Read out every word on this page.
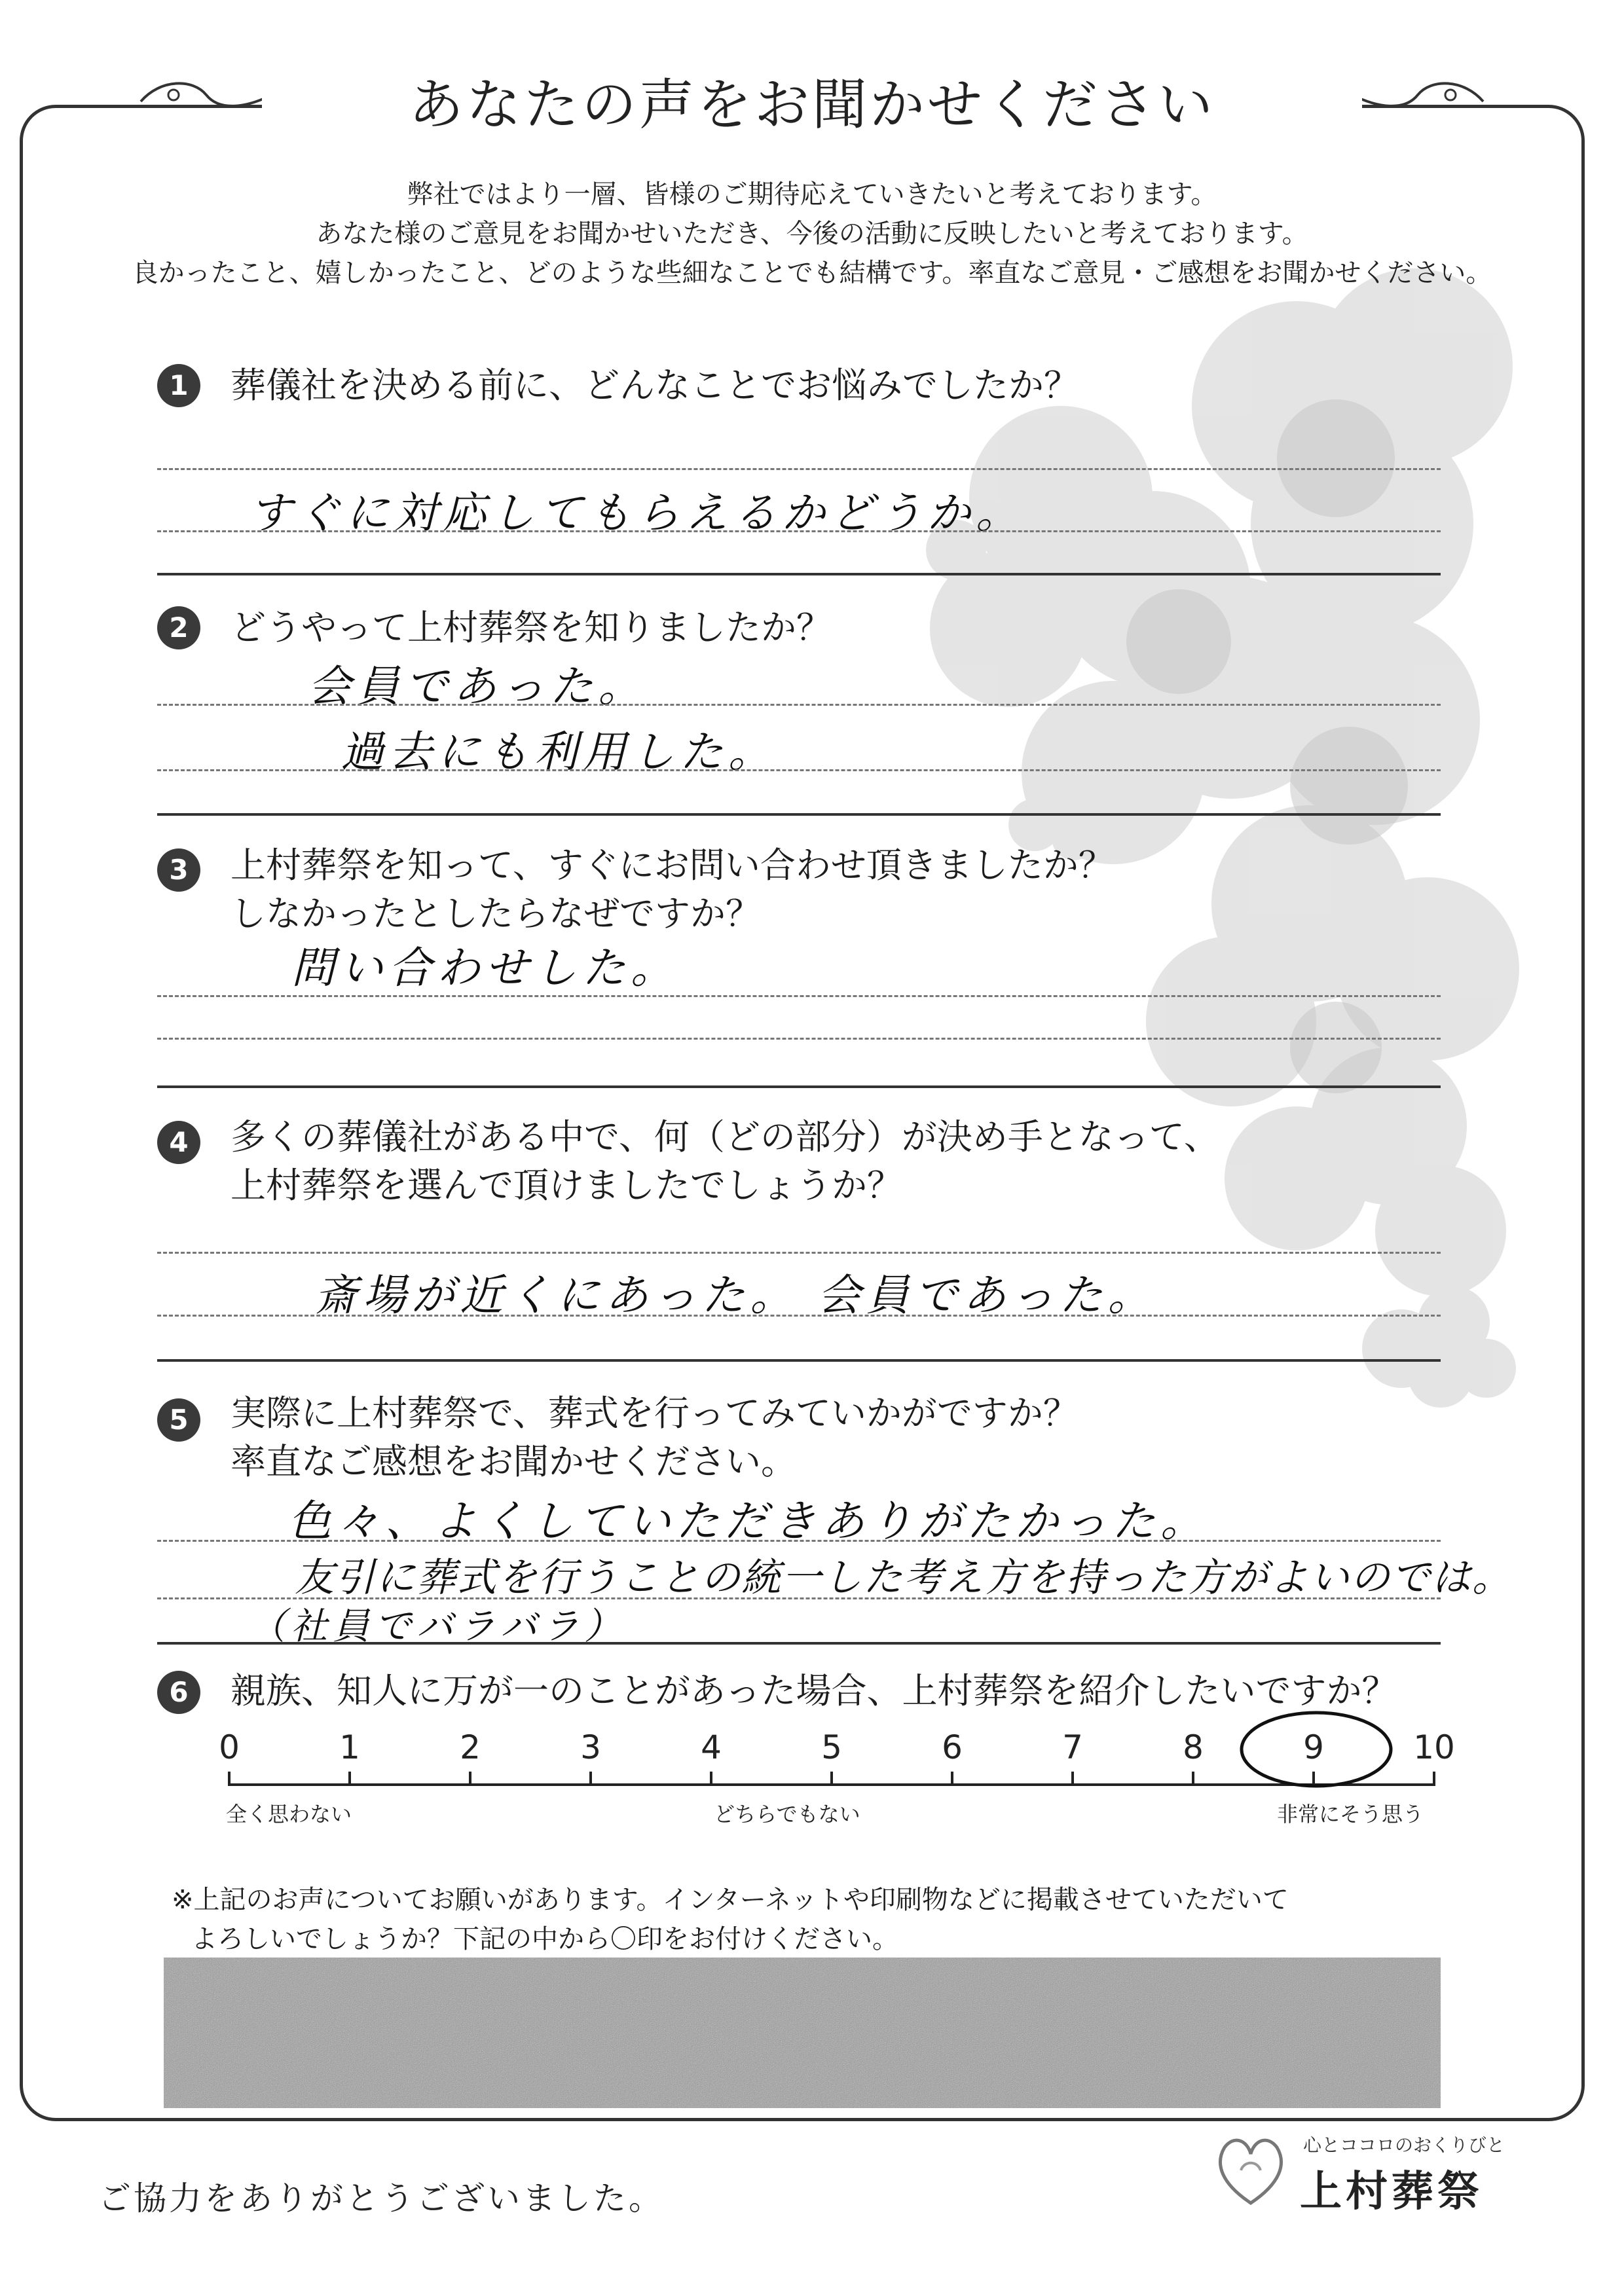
あなたの声をお聞かせください
弊社ではより一層、皆様のご期待応えていきたいと考えております。
あなた様のご意見をお聞かせいただき、今後の活動に反映したいと考えております。
良かったこと、嬉しかったこと、どのような些細なことでも結構です。率直なご意見・ご感想をお聞かせください。
1	葬儀社を決める前に、どんなことでお悩みでしたか？
すぐに対応してもらえるかどうか。
2	どうやって上村葬祭を知りましたか？
会員であった。
過去にも利用した。
3	上村葬祭を知って、すぐにお問い合わせ頂きましたか？
しなかったとしたらなぜですか？
問い合わせした。
4	多くの葬儀社がある中で、何（どの部分）が決め手となって、
上村葬祭を選んで頂けましたでしょうか？
斎場が近くにあった。 会員であった。
5	実際に上村葬祭で、葬式を行ってみていかがですか？
率直なご感想をお聞かせください。
色々、よくしていただきありがたかった。
友引に葬式を行うことの統一した考え方を持った方がよいのでは。
（社員でバラバラ）
6	親族、知人に万が一のことがあった場合、上村葬祭を紹介したいですか？
0	1	2	3	4	5	6	7	8	9	10
全く思わない	どちらでもない	非常にそう思う
※上記のお声についてお願いがあります。インターネットや印刷物などに掲載させていただいて
よろしいでしょうか？下記の中から〇印をお付けください。
ご協力をありがとうございました。
心とココロのおくりびと
上村葬祭
